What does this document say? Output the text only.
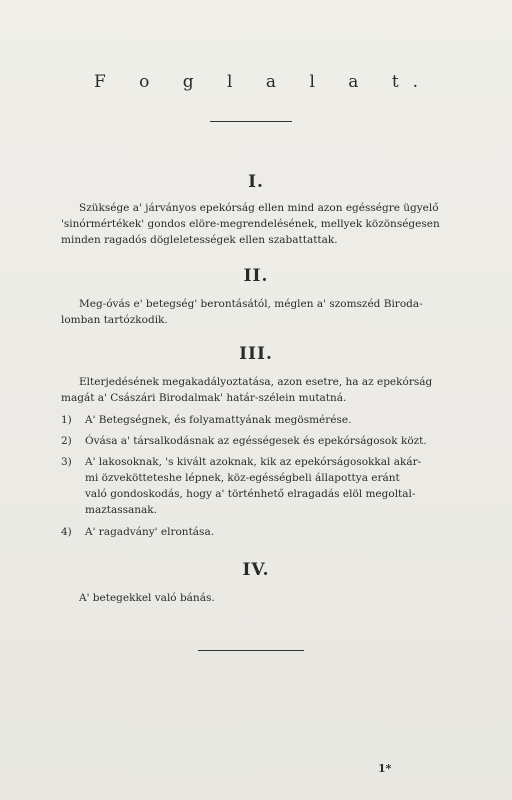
F o g l a l a t.
I.
Szüksége a' járványos epekórság ellen mind azon egésségre ügyelő
'sinórmértékek' gondos elöre-megrendelésének, mellyek közönségesen
minden ragadós dögleletességek ellen szabattattak.
II.
Meg-óvás e' betegség' berontásától, méglen a' szomszéd Biroda-
lomban tartózkodik.
III.
Elterjedésének megakadályoztatása, azon esetre, ha az epekórság
magát a' Császári Birodalmak' határ-szélein mutatná.
1) A' Betegségnek, és folyamattyának megösmérése.
2) Óvása a' társalkodásnak az egésségesek és epekórságosok közt.
3) A' lakosoknak, 's kivált azoknak, kik az epekórságosokkal akár-
mi özvekötteteshe lépnek, köz-egésségbeli állapottya eránt
való gondoskodás, hogy a' történhető elragadás elöl megoltal-
maztassanak.
4) A' ragadvány' elrontása.
IV.
A' betegekkel való bánás.
1*
